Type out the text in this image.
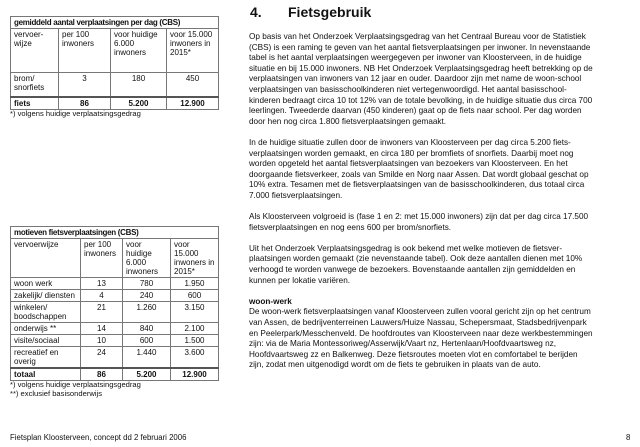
gemiddeld aantal verplaatsingen per dag (CBS)			
vervoer-wijze	per 100 inwoners	voor huidige 6.000 inwoners	voor 15.000 inwoners in 2015*
brom/ snorfiets	3	180	450
fiets	86	5.200	12.900
*) volgens huidige verplaatsingsgedrag
motieven fietsverplaatsingen (CBS)			
vervoerwijze	per 100 inwoners	voor huidige 6.000 inwoners	voor 15.000 inwoners in 2015*
woon werk	13	780	1.950
zakelijk/ diensten	4	240	600
winkelen/ boodschappen	21	1.260	3.150
onderwijs **	14	840	2.100
visite/sociaal	10	600	1.500
recreatief en overig	24	1.440	3.600
totaal	86	5.200	12.900
*) volgens huidige verplaatsingsgedrag
**) exclusief basisonderwijs
4. Fietsgebruik

Op basis van het Onderzoek Verplaatsingsgedrag van het Centraal Bureau voor de Statistiek
(CBS) is een raming te geven van het aantal fietsverplaatsingen per inwoner. In nevenstaande
tabel is het aantal verplaatsingen weergegeven per inwoner van Kloosterveen, in de huidige
situatie en bij 15.000 inwoners. NB Het Onderzoek Verplaatsingsgedrag heeft betrekking op de
verplaatsingen van inwoners van 12 jaar en ouder. Daardoor zijn met name de woon-school
verplaatsingen van basisschoolkinderen niet vertegenwoordigd. Het aantal basisschool-
kinderen bedraagt circa 10 tot 12% van de totale bevolking, in de huidige situatie dus circa 700
leerlingen. Tweederde daarvan (450 kinderen) gaat op de fiets naar school. Per dag worden
door hen nog circa 1.800 fietsverplaatsingen gemaakt.

In de huidige situatie zullen door de inwoners van Kloosterveen per dag circa 5.200 fiets-
verplaatsingen worden gemaakt, en circa 180 per bromfiets of snorfiets. Daarbij moet nog
worden opgeteld het aantal fietsverplaatsingen van bezoekers van Kloosterveen. En het
doorgaande fietsverkeer, zoals van Smilde en Norg naar Assen. Dat wordt globaal geschat op
10% extra. Tesamen met de fietsverplaatsingen van de basisschoolkinderen, dus totaal circa
7.000 fietsverplaatsingen.

Als Kloosterveen volgroeid is (fase 1 en 2: met 15.000 inwoners) zijn dat per dag circa 17.500
fietsverplaatsingen en nog eens 600 per brom/snorfiets.

Uit het Onderzoek Verplaatsingsgedrag is ook bekend met welke motieven de fietsver-
plaatsingen worden gemaakt (zie nevenstaande tabel). Ook deze aantallen dienen met 10%
verhoogd te worden vanwege de bezoekers. Bovenstaande aantallen zijn gemiddelden en
kunnen per lokatie variëren.

woon-werk

De woon-werk fietsverplaatsingen vanaf Kloosterveen zullen vooral gericht zijn op het centrum
van Assen, de bedrijventerreinen Lauwers/Huize Nassau, Schepersmaat, Stadsbedrijvenpark
en Peelerpark/Messchenveld. De hoofdroutes van Kloosterveen naar deze werkbestemmingen
zijn: via de Maria Montessoriweg/Asserwijk/Vaart nz, Hertenlaan/Hoofdvaartsweg nz,
Hoofdvaartsweg zz en Balkenweg. Deze fietsroutes moeten vlot en comfortabel te berijden
zijn, zodat men uitgenodigd wordt om de fiets te gebruiken in plaats van de auto.

Fietsplan Kloosterveen, concept dd 2 februari 2006	8
